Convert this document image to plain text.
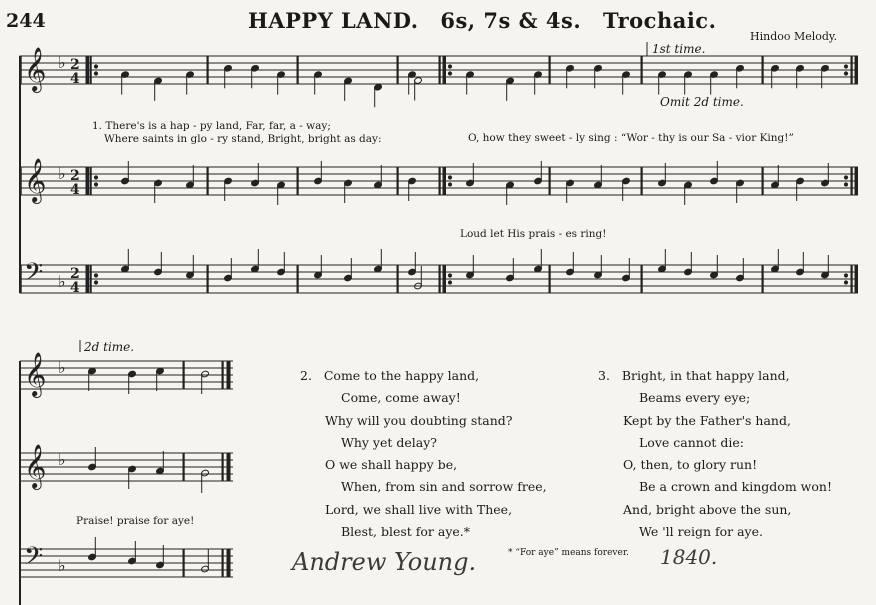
244	HAPPY LAND. 6s, 7s & 4s. Trochaic.
Hindoo Melody.
𝄞 ♭ 2
4
𝄞 ♭ 2
4
𝄢 ♭ 2
4
𝄞 ♭
𝄞 ♭
𝄢 ♭
1st time.
Omit 2d time.
2d time.
1. There's is a hap - py land, Far, far, a - way;
Where saints in glo - ry stand, Bright, bright as day:	O, how they sweet - ly sing : “Wor - thy is our Sa - vior King!”
Loud let His prais - es ring!
Praise! praise for aye!
2. Come to the happy land,
Come, come away!
Why will you doubting stand?
Why yet delay?
O we shall happy be,
When, from sin and sorrow free,
Lord, we shall live with Thee,
Blest, blest for aye.*
3. Bright, in that happy land,
Beams every eye;
Kept by the Father's hand,
Love cannot die:
O, then, to glory run!
Be a crown and kingdom won!
And, bright above the sun,
We 'll reign for aye.
* “For aye” means forever.
Andrew Young.	1840.
